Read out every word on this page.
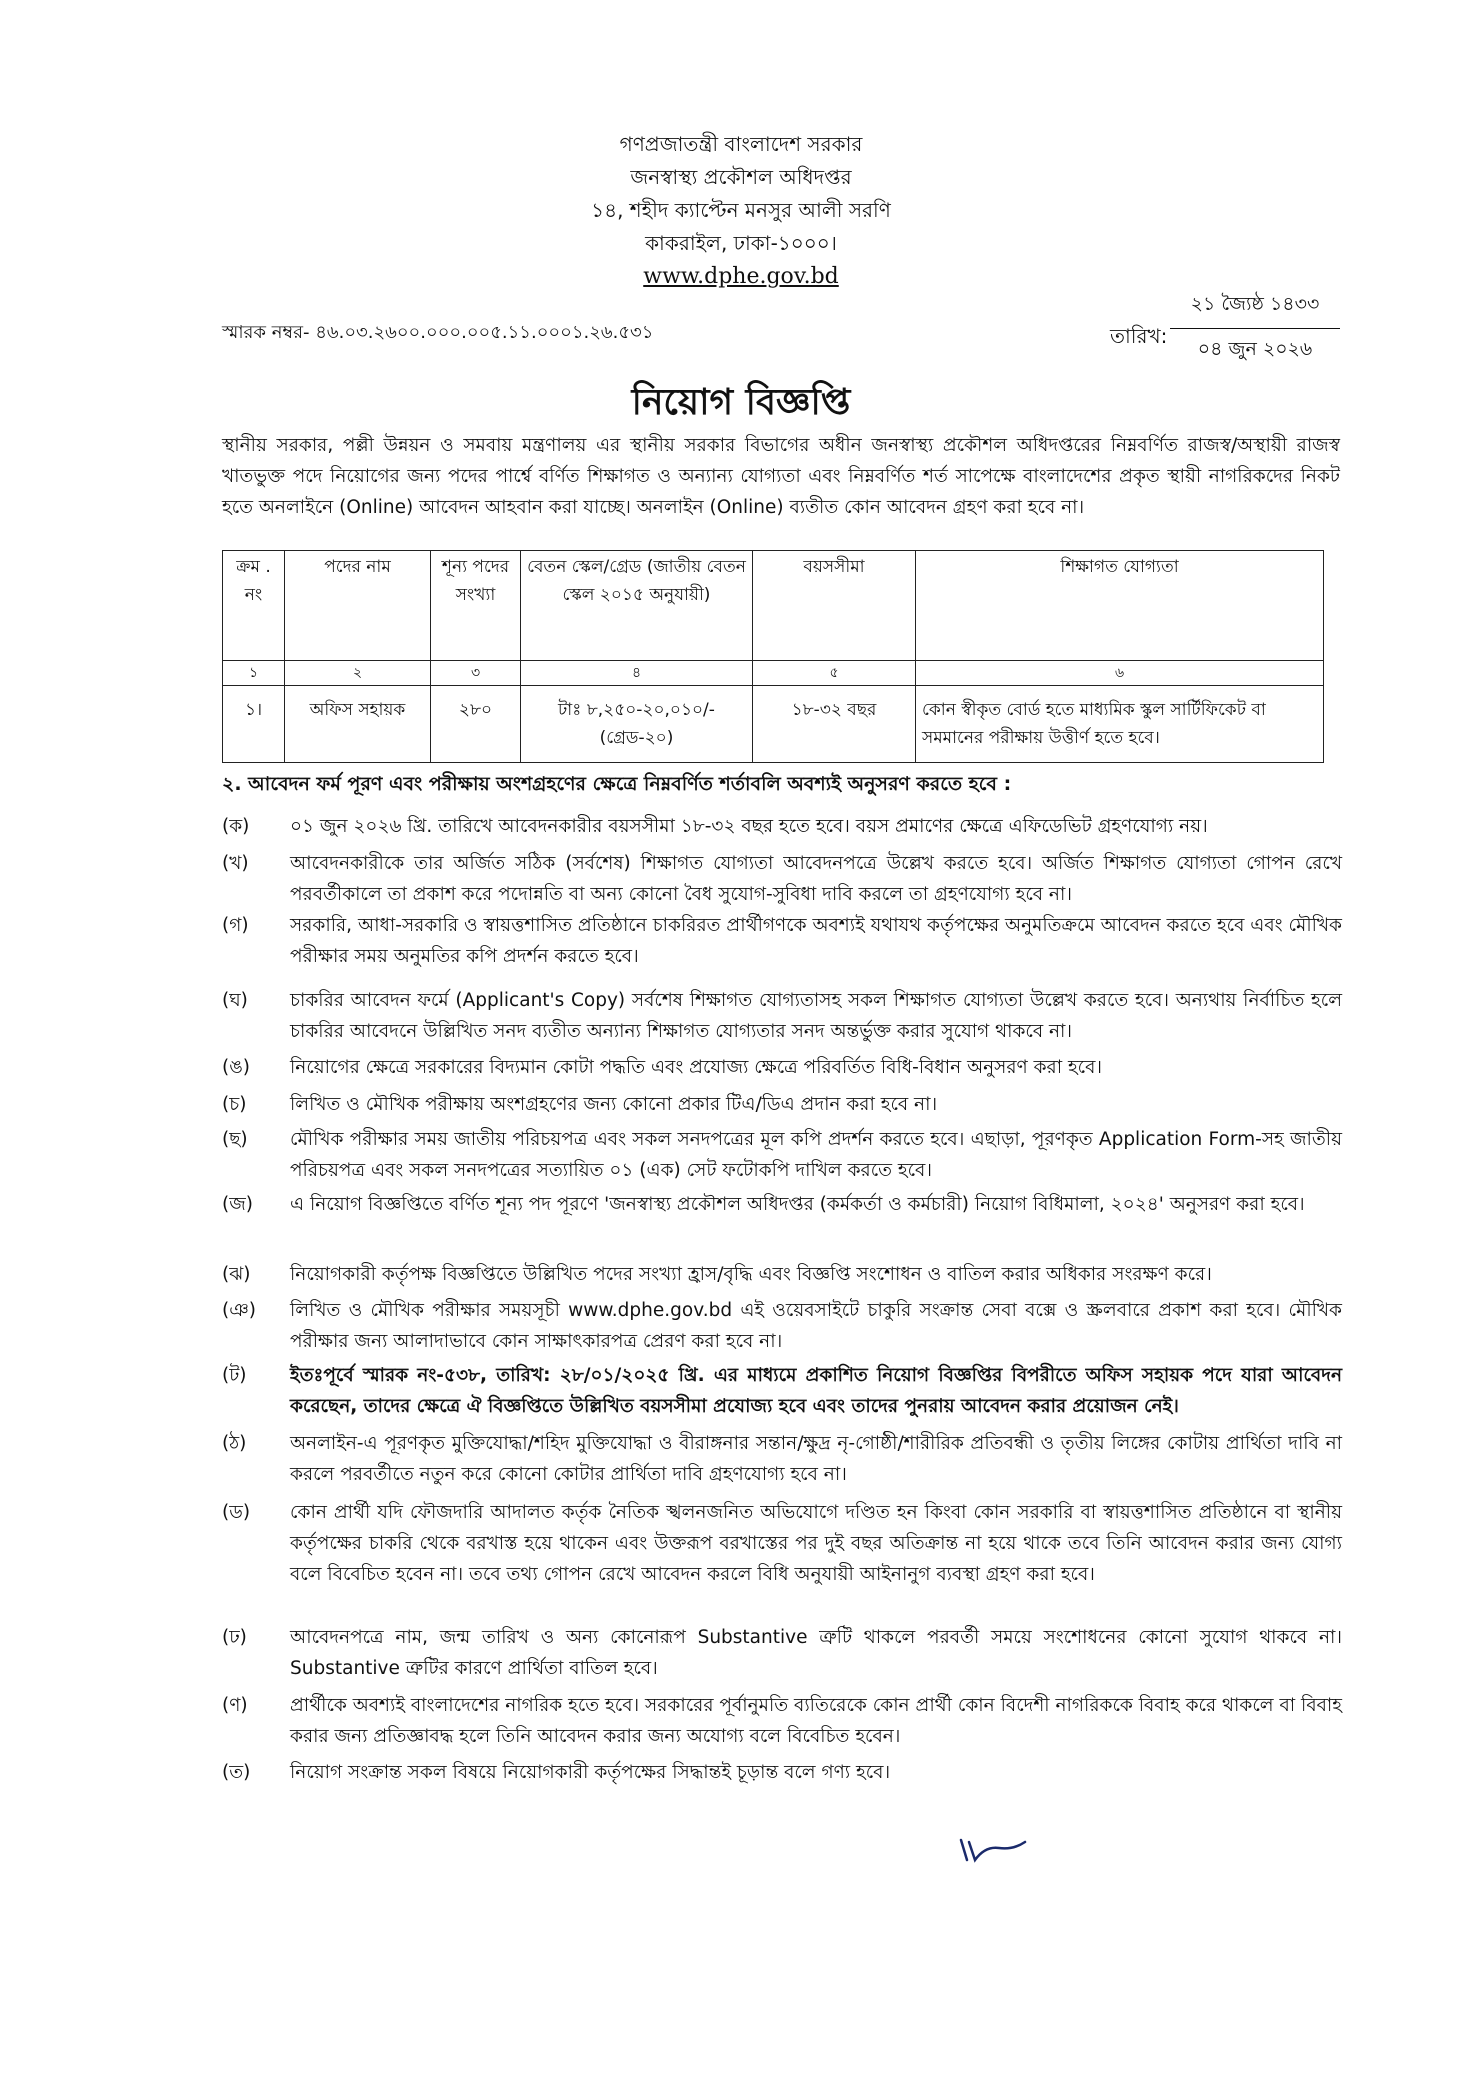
গণপ্রজাতন্ত্রী বাংলাদেশ সরকার
জনস্বাস্থ্য প্রকৌশল অধিদপ্তর
১৪, শহীদ ক্যাপ্টেন মনসুর আলী সরণি
কাকরাইল, ঢাকা-১০০০।
www.dphe.gov.bd
স্মারক নম্বর- ৪৬.০৩.২৬০০.০০০.০০৫.১১.০০০১.২৬.৫৩১	তারিখ:
২১ জ্যৈষ্ঠ ১৪৩৩
০৪ জুন ২০২৬
নিয়োগ বিজ্ঞপ্তি
স্থানীয় সরকার, পল্লী উন্নয়ন ও সমবায় মন্ত্রণালয় এর স্থানীয় সরকার বিভাগের অধীন জনস্বাস্থ্য প্রকৌশল অধিদপ্তরের নিম্নবর্ণিত রাজস্ব/অস্থায়ী রাজস্ব খাতভুক্ত পদে নিয়োগের জন্য পদের পার্শ্বে বর্ণিত শিক্ষাগত ও অন্যান্য যোগ্যতা এবং নিম্নবর্ণিত শর্ত সাপেক্ষে বাংলাদেশের প্রকৃত স্থায়ী নাগরিকদের নিকট হতে অনলাইনে (Online) আবেদন আহবান করা যাচ্ছে। অনলাইন (Online) ব্যতীত কোন আবেদন গ্রহণ করা হবে না।
ক্রম . নং	পদের নাম	শূন্য পদের সংখ্যা	বেতন স্কেল/গ্রেড (জাতীয় বেতন স্কেল ২০১৫ অনুযায়ী)	বয়সসীমা	শিক্ষাগত যোগ্যতা
১	২	৩	৪	৫	৬
১।	অফিস সহায়ক	২৮০	টাঃ ৮,২৫০-২০,০১০/- (গ্রেড-২০)	১৮-৩২ বছর	কোন স্বীকৃত বোর্ড হতে মাধ্যমিক স্কুল সার্টিফিকেট বা সমমানের পরীক্ষায় উত্তীর্ণ হতে হবে।
২. আবেদন ফর্ম পূরণ এবং পরীক্ষায় অংশগ্রহণের ক্ষেত্রে নিম্নবর্ণিত শর্তাবলি অবশ্যই অনুসরণ করতে হবে :
(ক)	০১ জুন ২০২৬ খ্রি. তারিখে আবেদনকারীর বয়সসীমা ১৮-৩২ বছর হতে হবে। বয়স প্রমাণের ক্ষেত্রে এফিডেভিট গ্রহণযোগ্য নয়।
(খ)	আবেদনকারীকে তার অর্জিত সঠিক (সর্বশেষ) শিক্ষাগত যোগ্যতা আবেদনপত্রে উল্লেখ করতে হবে। অর্জিত শিক্ষাগত যোগ্যতা গোপন রেখে পরবর্তীকালে তা প্রকাশ করে পদোন্নতি বা অন্য কোনো বৈধ সুযোগ-সুবিধা দাবি করলে তা গ্রহণযোগ্য হবে না।
(গ)	সরকারি, আধা-সরকারি ও স্বায়ত্তশাসিত প্রতিষ্ঠানে চাকরিরত প্রার্থীগণকে অবশ্যই যথাযথ কর্তৃপক্ষের অনুমতিক্রমে আবেদন করতে হবে এবং মৌখিক পরীক্ষার সময় অনুমতির কপি প্রদর্শন করতে হবে।
(ঘ)	চাকরির আবেদন ফর্মে (Applicant's Copy) সর্বশেষ শিক্ষাগত যোগ্যতাসহ সকল শিক্ষাগত যোগ্যতা উল্লেখ করতে হবে। অন্যথায় নির্বাচিত হলে চাকরির আবেদনে উল্লিখিত সনদ ব্যতীত অন্যান্য শিক্ষাগত যোগ্যতার সনদ অন্তর্ভুক্ত করার সুযোগ থাকবে না।
(ঙ)	নিয়োগের ক্ষেত্রে সরকারের বিদ্যমান কোটা পদ্ধতি এবং প্রযোজ্য ক্ষেত্রে পরিবর্তিত বিধি-বিধান অনুসরণ করা হবে।
(চ)	লিখিত ও মৌখিক পরীক্ষায় অংশগ্রহণের জন্য কোনো প্রকার টিএ/ডিএ প্রদান করা হবে না।
(ছ)	মৌখিক পরীক্ষার সময় জাতীয় পরিচয়পত্র এবং সকল সনদপত্রের মূল কপি প্রদর্শন করতে হবে। এছাড়া, পূরণকৃত Application Form-সহ জাতীয় পরিচয়পত্র এবং সকল সনদপত্রের সত্যায়িত ০১ (এক) সেট ফটোকপি দাখিল করতে হবে।
(জ)	এ নিয়োগ বিজ্ঞপ্তিতে বর্ণিত শূন্য পদ পূরণে 'জনস্বাস্থ্য প্রকৌশল অধিদপ্তর (কর্মকর্তা ও কর্মচারী) নিয়োগ বিধিমালা, ২০২৪' অনুসরণ করা হবে।
(ঝ)	নিয়োগকারী কর্তৃপক্ষ বিজ্ঞপ্তিতে উল্লিখিত পদের সংখ্যা হ্রাস/বৃদ্ধি এবং বিজ্ঞপ্তি সংশোধন ও বাতিল করার অধিকার সংরক্ষণ করে।
(ঞ)	লিখিত ও মৌখিক পরীক্ষার সময়সূচী www.dphe.gov.bd এই ওয়েবসাইটে চাকুরি সংক্রান্ত সেবা বক্সে ও স্ক্রলবারে প্রকাশ করা হবে। মৌখিক পরীক্ষার জন্য আলাদাভাবে কোন সাক্ষাৎকারপত্র প্রেরণ করা হবে না।
(ট)	ইতঃপূর্বে স্মারক নং-৫৩৮, তারিখ: ২৮/০১/২০২৫ খ্রি. এর মাধ্যমে প্রকাশিত নিয়োগ বিজ্ঞপ্তির বিপরীতে অফিস সহায়ক পদে যারা আবেদন করেছেন, তাদের ক্ষেত্রে ঐ বিজ্ঞপ্তিতে উল্লিখিত বয়সসীমা প্রযোজ্য হবে এবং তাদের পুনরায় আবেদন করার প্রয়োজন নেই।
(ঠ)	অনলাইন-এ পূরণকৃত মুক্তিযোদ্ধা/শহিদ মুক্তিযোদ্ধা ও বীরাঙ্গনার সন্তান/ক্ষুদ্র নৃ-গোষ্ঠী/শারীরিক প্রতিবন্ধী ও তৃতীয় লিঙ্গের কোটায় প্রার্থিতা দাবি না করলে পরবর্তীতে নতুন করে কোনো কোটার প্রার্থিতা দাবি গ্রহণযোগ্য হবে না।
(ড)	কোন প্রার্থী যদি ফৌজদারি আদালত কর্তৃক নৈতিক স্খলনজনিত অভিযোগে দণ্ডিত হন কিংবা কোন সরকারি বা স্বায়ত্তশাসিত প্রতিষ্ঠানে বা স্থানীয় কর্তৃপক্ষের চাকরি থেকে বরখাস্ত হয়ে থাকেন এবং উক্তরূপ বরখাস্তের পর দুই বছর অতিক্রান্ত না হয়ে থাকে তবে তিনি আবেদন করার জন্য যোগ্য বলে বিবেচিত হবেন না। তবে তথ্য গোপন রেখে আবেদন করলে বিধি অনুযায়ী আইনানুগ ব্যবস্থা গ্রহণ করা হবে।
(ঢ)	আবেদনপত্রে নাম, জন্ম তারিখ ও অন্য কোনোরূপ Substantive ত্রুটি থাকলে পরবর্তী সময়ে সংশোধনের কোনো সুযোগ থাকবে না। Substantive ত্রুটির কারণে প্রার্থিতা বাতিল হবে।
(ণ)	প্রার্থীকে অবশ্যই বাংলাদেশের নাগরিক হতে হবে। সরকারের পূর্বানুমতি ব্যতিরেকে কোন প্রার্থী কোন বিদেশী নাগরিককে বিবাহ করে থাকলে বা বিবাহ করার জন্য প্রতিজ্ঞাবদ্ধ হলে তিনি আবেদন করার জন্য অযোগ্য বলে বিবেচিত হবেন।
(ত)	নিয়োগ সংক্রান্ত সকল বিষয়ে নিয়োগকারী কর্তৃপক্ষের সিদ্ধান্তই চূড়ান্ত বলে গণ্য হবে।
